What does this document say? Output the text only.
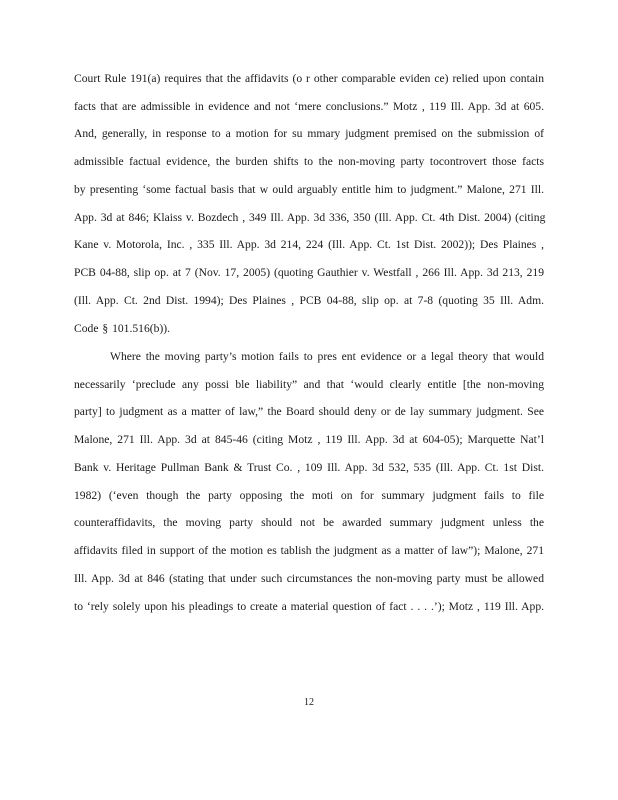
Court Rule 191(a) requires that the affidavits (o r other comparable eviden ce) relied upon contain
facts that are admissible in evidence and not ‘mere conclusions.” Motz , 119 Ill. App. 3d at 605.
And, generally, in response to a motion for su mmary judgment premised on the submission of
admissible factual evidence, the burden shifts to the non-moving party tocontrovert those facts
by presenting ‘some factual basis that w ould arguably entitle him to judgment.” Malone, 271 Ill.
App. 3d at 846; Klaiss v. Bozdech , 349 Ill. App. 3d 336, 350 (Ill. App. Ct. 4th Dist. 2004) (citing
Kane v. Motorola, Inc. , 335 Ill. App. 3d 214, 224 (Ill. App. Ct. 1st Dist. 2002)); Des Plaines ,
PCB 04-88, slip op. at 7 (Nov. 17, 2005) (quoting Gauthier v. Westfall , 266 Ill. App. 3d 213, 219
(Ill. App. Ct. 2nd Dist. 1994); Des Plaines , PCB 04-88, slip op. at 7-8 (quoting 35 Ill. Adm.
Code § 101.516(b)).
Where the moving party’s motion fails to pres ent evidence or a legal theory that would
necessarily ‘preclude any possi ble liability” and that ‘would clearly entitle [the non-moving
party] to judgment as a matter of law,” the Board should deny or de lay summary judgment. See
Malone, 271 Ill. App. 3d at 845-46 (citing Motz , 119 Ill. App. 3d at 604-05); Marquette Nat’l
Bank v. Heritage Pullman Bank & Trust Co. , 109 Ill. App. 3d 532, 535 (Ill. App. Ct. 1st Dist.
1982) (‘even though the party opposing the moti on for summary judgment fails to file
counteraffidavits, the moving party should not be awarded summary judgment unless the
affidavits filed in support of the motion es tablish the judgment as a matter of law”); Malone, 271
Ill. App. 3d at 846 (stating that under such circumstances the non-moving party must be allowed
to ‘rely solely upon his pleadings to create a material question of fact . . . .’); Motz , 119 Ill. App.
12
